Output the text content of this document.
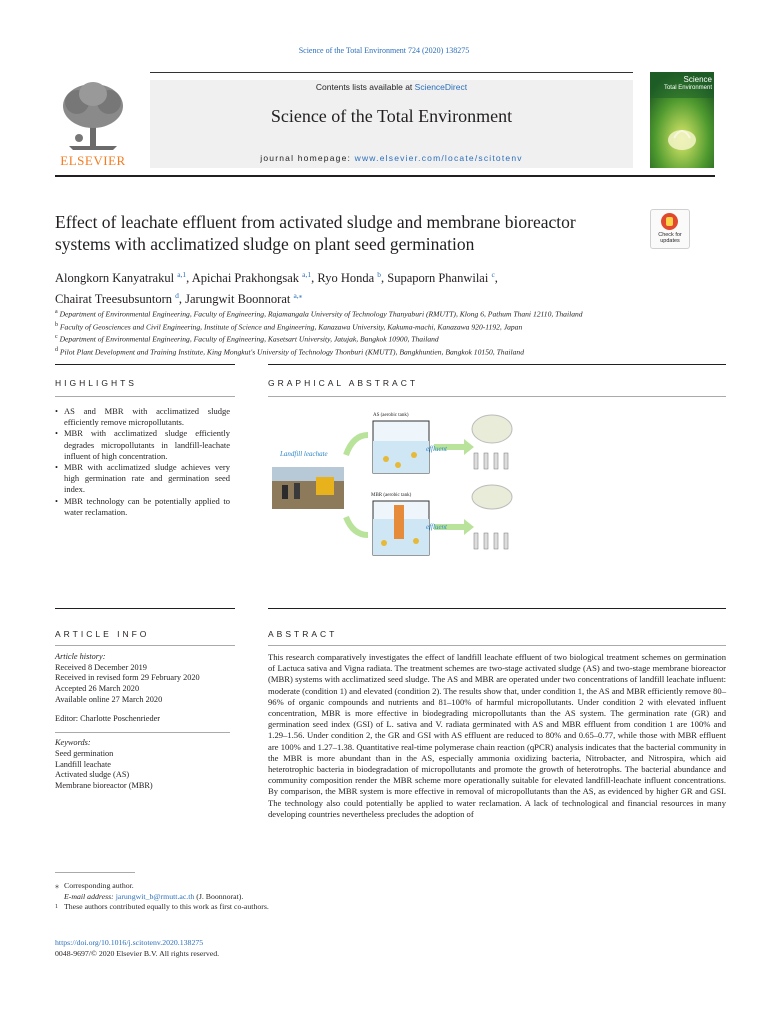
Science of the Total Environment 724 (2020) 138275
ELSEVIER
Contents lists available at ScienceDirect
Science of the Total Environment
journal homepage: www.elsevier.com/locate/scitotenv
Science
Total Environment
Effect of leachate effluent from activated sludge and membrane bioreactor systems with acclimatized sludge on plant seed germination	Check for
updates
Alongkorn Kanyatrakul $^{a,1}$, Apichai Prakhongsak $^{a,1}$, Ryo Honda $^b$, Supaporn Phanwilai $^c$,
Chairat Treesubsuntorn $^d$, Jarungwit Boonnorat $^{a,⁎}$
$^a$ Department of Environmental Engineering, Faculty of Engineering, Rajamangala University of Technology Thanyaburi (RMUTT), Klong 6, Pathum Thani 12110, Thailand
$^b$ Faculty of Geosciences and Civil Engineering, Institute of Science and Engineering, Kanazawa University, Kakuma-machi, Kanazawa 920-1192, Japan
$^c$ Department of Environmental Engineering, Faculty of Engineering, Kasetsart University, Jatujak, Bangkok 10900, Thailand
$^d$ Pilot Plant Development and Training Institute, King Mongkut's University of Technology Thonburi (KMUTT), Bangkhuntien, Bangkok 10150, Thailand
HIGHLIGHTS	GRAPHICAL ABSTRACT
• AS and MBR with acclimatized sludge efficiently remove micropollutants.
• MBR with acclimatized sludge efficiently degrades micropollutants in landfill-leachate influent of high concentration.
• MBR with acclimatized sludge achieves very high germination rate and germination seed index.
• MBR technology can be potentially applied to water reclamation.
Landfill leachate
AS (aerobic tank)
MBR (aerobic tank)
effluent
effluent
ARTICLE INFO	ABSTRACT
Article history:
Received 8 December 2019
Received in revised form 29 February 2020
Accepted 26 March 2020
Available online 27 March 2020
Editor: Charlotte Poschenrieder
Keywords:
Seed germination
Landfill leachate
Activated sludge (AS)
Membrane bioreactor (MBR)
This research comparatively investigates the effect of landfill leachate effluent of two biological treatment schemes on germination of Lactuca sativa and Vigna radiata. The treatment schemes are two-stage activated sludge (AS) and two-stage membrane bioreactor (MBR) systems with acclimatized seed sludge. The AS and MBR are operated under two concentrations of landfill leachate influent: moderate (condition 1) and elevated (condition 2). The results show that, under condition 1, the AS and MBR efficiently remove 80–96% of organic compounds and nutrients and 81–100% of harmful micropollutants. Under condition 2 with elevated influent concentration, MBR is more effective in biodegrading micropollutants than the AS system. The germination rate (GR) and germination seed index (GSI) of L. sativa and V. radiata germinated with AS and MBR effluent from condition 1 are 100% and 1.29–1.56. Under condition 2, the GR and GSI with AS effluent are reduced to 80% and 0.65–0.77, while those with MBR effluent are 100% and 1.27–1.38. Quantitative real-time polymerase chain reaction (qPCR) analysis indicates that the bacterial community in the MBR is more abundant than in the AS, especially ammonia oxidizing bacteria, Nitrobacter, and Nitrospira, which aid heterotrophic bacteria in biodegradation of micropollutants and promote the growth of heterotrophs. The bacterial abundance and community composition render the MBR scheme more operationally suitable for elevated landfill-leachate influent concentrations. By comparison, the MBR system is more effective in removal of micropollutants than the AS, as evidenced by higher GR and GSI. The technology also could potentially be applied to water reclamation. A lack of technological and financial resources in many developing countries nevertheless precludes the adoption of
⁎ Corresponding author.
E-mail address: jarungwit_b@rmutt.ac.th (J. Boonnorat).
1 These authors contributed equally to this work as first co-authors.
https://doi.org/10.1016/j.scitotenv.2020.138275
0048-9697/© 2020 Elsevier B.V. All rights reserved.
